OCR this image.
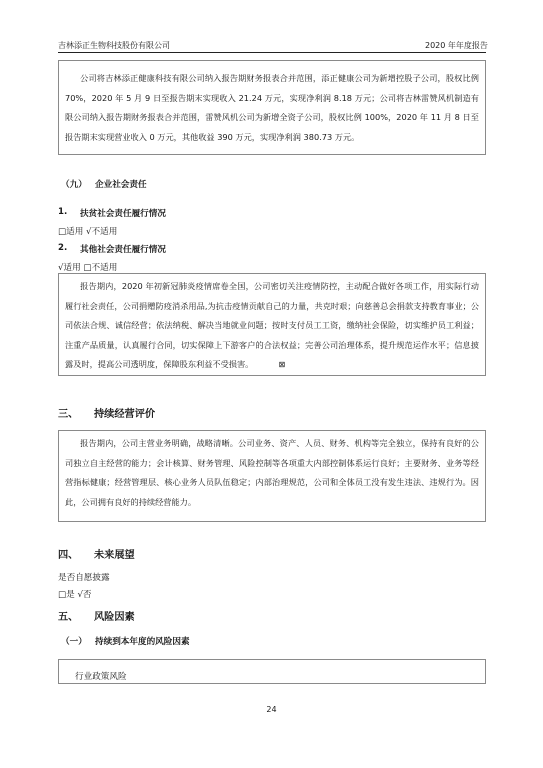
吉林添正生物科技股份有限公司	2020 年年度报告

公司将吉林添正健康科技有限公司纳入报告期财务报表合并范围，添正健康公司为新增控股子公司，股权比例 70%，2020 年 5 月 9 日至报告期末实现收入 21.24 万元，实现净利润 8.18 万元；公司将吉林雷赞风机制造有限公司纳入报告期财务报表合并范围，雷赞风机公司为新增全资子公司，股权比例 100%，2020 年 11 月 8 日至报告期末实现营业收入 0 万元，其他收益 390 万元，实现净利润 380.73 万元。

（九） 企业社会责任
1. 扶贫社会责任履行情况
□适用 √不适用
2. 其他社会责任履行情况
√适用 □不适用

报告期内，2020 年初新冠肺炎疫情席卷全国，公司密切关注疫情防控，主动配合做好各项工作，用实际行动履行社会责任，公司捐赠防疫消杀用品,为抗击疫情贡献自己的力量，共克时艰；向慈善总会捐款支持教育事业；公司依法合规、诚信经营；依法纳税、解决当地就业问题；按时支付员工工资，缴纳社会保险，切实维护员工利益；注重产品质量，认真履行合同，切实保障上下游客户的合法权益；完善公司治理体系，提升规范运作水平；信息披露及时，提高公司透明度，保障股东利益不受损害。	⊠

三、 持续经营评价

报告期内，公司主营业务明确，战略清晰。公司业务、资产、人员、财务、机构等完全独立，保持有良好的公司独立自主经营的能力；会计核算、财务管理、风险控制等各项重大内部控制体系运行良好；主要财务、业务等经营指标健康；经营管理层、核心业务人员队伍稳定；内部治理规范，公司和全体员工没有发生违法、违规行为。因此，公司拥有良好的持续经营能力。

四、 未来展望
是否自愿披露
□是 √否
五、 风险因素
（一） 持续到本年度的风险因素
行业政策风险
24
